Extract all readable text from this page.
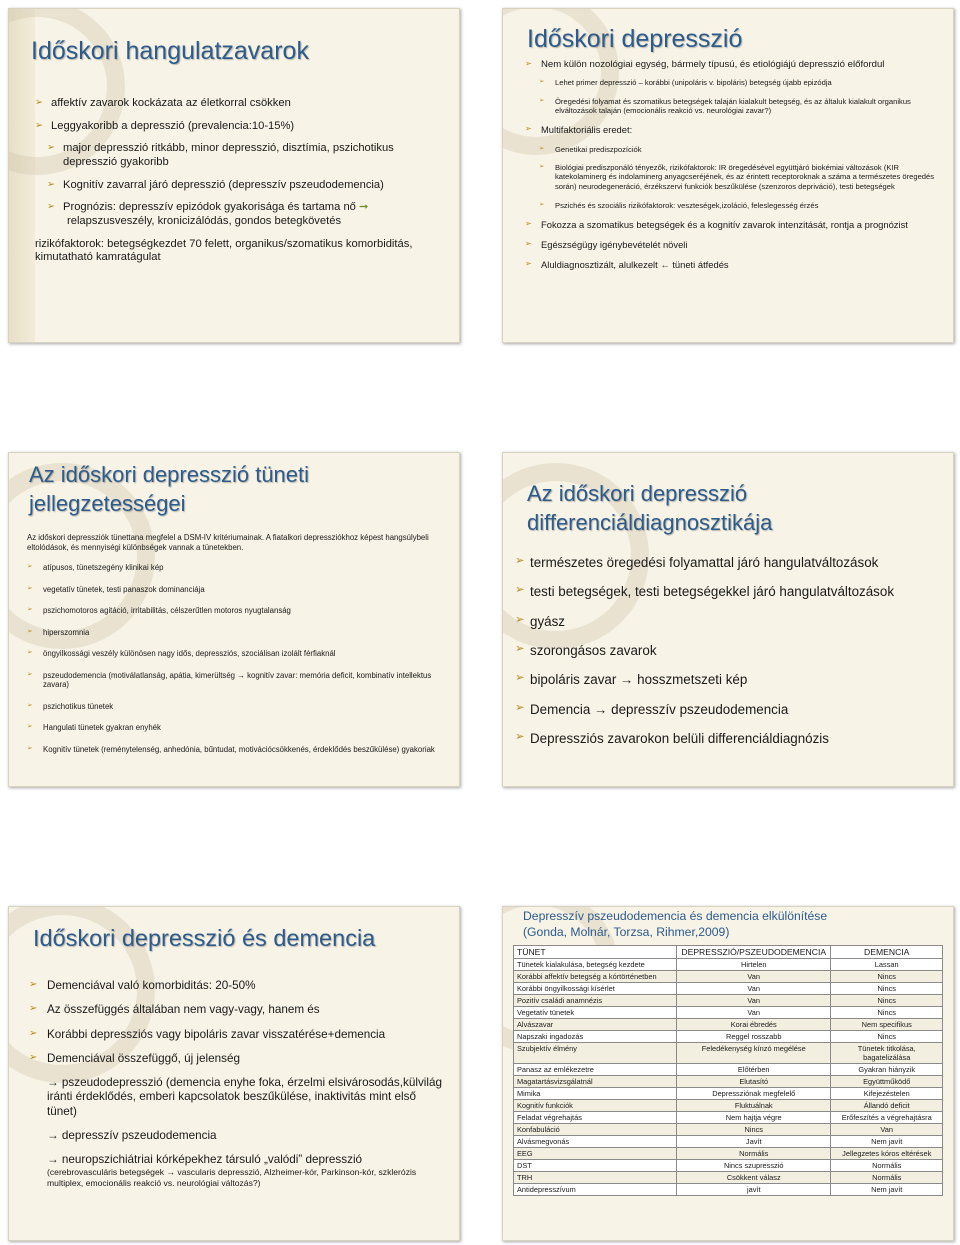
Időskori hangulatzavarok
➢ affektív zavarok kockázata az életkorral csökken
➢ Leggyakoribb a depresszió (prevalencia:10-15%)
➢ major depresszió ritkább, minor depresszió, disztímia, pszichotikus depresszió gyakoribb
➢ Kognitív zavarral járó depresszió (depresszív pszeudodemencia)
➢ Prognózis: depresszív epizódok gyakorisága és tartama nő ➞
relapszusveszély, kronicizálódás, gondos betegkövetés
rizikófaktorok: betegségkezdet 70 felett, organikus/szomatikus komorbiditás, kimutatható kamratágulat
Időskori depresszió
➢ Nem külön nozológiai egység, bármely típusú, és etiológiájú depresszió előfordul
➢ Lehet primer depresszió – korábbi (unipoláris v. bipoláris) betegség újabb epizódja
➢ Öregedési folyamat és szomatikus betegségek talaján kialakult betegség, és az általuk kialakult organikus elváltozások talaján (emocionális reakció vs. neurológiai zavar?)
➢ Multifaktoriális eredet:
➢ Genetikai prediszpozíciók
➢ Biológiai prediszponáló tényezők, rizikófaktorok: IR öregedésével együttjáró biokémiai változások (KIR katekolaminerg és indolaminerg anyagcseréjének, és az érintett receptoroknak a száma a természetes öregedés során) neurodegeneráció, érzékszervi funkciók beszűkülése (szenzoros depriváció), testi betegségek
➢ Pszichés és szociális rizikófaktorok: veszteségek,izoláció, feleslegesség érzés
➢ Fokozza a szomatikus betegségek és a kognitív zavarok intenzitását, rontja a prognózist
➢ Egészségügy igénybevételét növeli
➢ Aluldiagnosztizált, alulkezelt ← tüneti átfedés
Az időskori depresszió tüneti jellegzetességei
Az időskori depressziók tünettana megfelel a DSM-IV kritériumainak. A fiatalkori depressziókhoz képest hangsúlybeli eltolódások, és mennyiségi különbségek vannak a tünetekben.
➢ atípusos, tünetszegény klinikai kép
➢ vegetatív tünetek, testi panaszok dominanciája
➢ pszichomotoros agitáció, irritabilitás, célszerűtlen motoros nyugtalanság
➢ hiperszomnia
➢ öngyilkossági veszély különösen nagy idős, depressziós, szociálisan izolált férfiaknál
➢ pszeudodemencia (motiválatlanság, apátia, kimerültség → kognitív zavar: memória deficit, kombinatív intellektus zavara)
➢ pszichotikus tünetek
➢ Hangulati tünetek gyakran enyhék
➢ Kognitív tünetek (reménytelenség, anhedónia, bűntudat, motivációcsökkenés, érdeklődés beszűkülése) gyakoriak
Az időskori depresszió differenciáldiagnosztikája
➢ természetes öregedési folyamattal járó hangulatváltozások
➢ testi betegségek, testi betegségekkel járó hangulatváltozások
➢ gyász
➢ szorongásos zavarok
➢ bipoláris zavar → hosszmetszeti kép
➢ Demencia → depresszív pszeudodemencia
➢ Depressziós zavarokon belüli differenciáldiagnózis
Időskori depresszió és demencia
➢ Demenciával való komorbiditás: 20-50%
➢ Az összefüggés általában nem vagy-vagy, hanem és
➢ Korábbi depressziós vagy bipoláris zavar visszatérése+demencia
➢ Demenciával összefüggő, új jelenség
→ pszeudodepresszió (demencia enyhe foka, érzelmi elsivárosodás,külvilág iránti érdeklődés, emberi kapcsolatok beszűkülése, inaktivitás mint első tünet)
→ depresszív pszeudodemencia
→ neuropszichiátriai kórképekhez társuló „valódi” depresszió
(cerebrovasculáris betegségek → vascularis depresszió, Alzheimer-kór, Parkinson-kór, szklerózis multiplex, emocionális reakció vs. neurológiai változás?)
Depresszív pszeudodemencia és demencia elkülönítése
(Gonda, Molnár, Torzsa, Rihmer,2009)
TÜNET	DEPRESSZIÓ/PSZEUDODEMENCIA	DEMENCIA
Tünetek kialakulása, betegség kezdete	Hirtelen	Lassan
Korábbi affektív betegség a kórtörténetben	Van	Nincs
Korábbi öngyilkossági kísérlet	Van	Nincs
Pozitív családi anamnézis	Van	Nincs
Vegetatív tünetek	Van	Nincs
Alvászavar	Korai ébredés	Nem specifikus
Napszaki ingadozás	Reggel rosszabb	Nincs
Szubjektív élmény	Feledékenység kínzó megélése	Tünetek titkolása, bagatelizálása
Panasz az emlékezetre	Előtérben	Gyakran hiányzik
Magatartásvizsgálatnál	Elutasító	Együttműködő
Mimika	Depressziónak megfelelő	Kifejezéstelen
Kognitív funkciók	Fluktuálnak	Állandó deficit
Feladat végrehajtás	Nem hajtja végre	Erőfeszítés a végrehajtásra
Konfabuláció	Nincs	Van
Alvásmegvonás	Javít	Nem javít
EEG	Normális	Jellegzetes kóros eltérések
DST	Nincs szupresszió	Normális
TRH	Csökkent válasz	Normális
Antidepresszívum	javít	Nem javít
